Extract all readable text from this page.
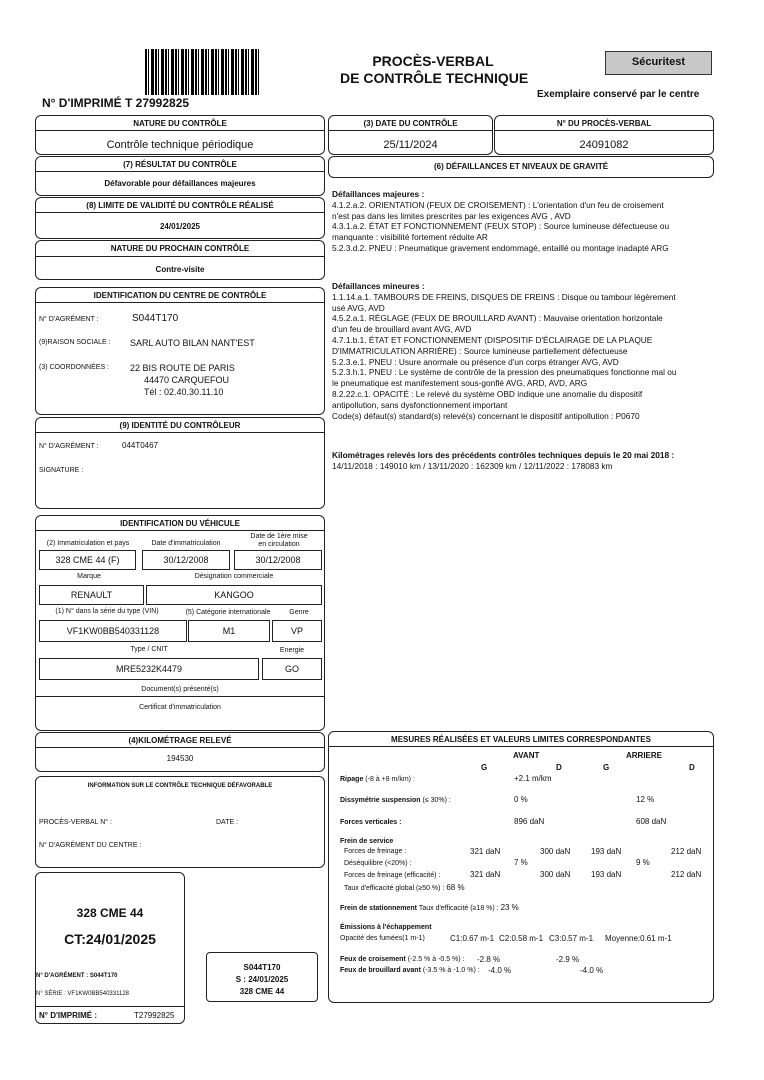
PROCÈS-VERBAL
DE CONTRÔLE TECHNIQUE
Sécuritest
Exemplaire conservé par le centre
N° D'IMPRIMÉ T 27992825
NATURE DU CONTRÔLE
Contrôle technique périodique
(3) DATE DU CONTRÔLE
25/11/2024
N° DU PROCÈS-VERBAL
24091082
(7) RÉSULTAT DU CONTRÔLE
Défavorable pour défaillances majeures
(6) DÉFAILLANCES ET NIVEAUX DE GRAVITÉ
(8) LIMITE DE VALIDITÉ DU CONTRÔLE RÉALISÉ
24/01/2025
NATURE DU PROCHAIN CONTRÔLE
Contre-visite
IDENTIFICATION DU CENTRE DE CONTRÔLE
N° D'AGRÉMENT :	S044T170
(9)RAISON SOCIALE : SARL AUTO BILAN NANT'EST
(3) COORDONNÉES : 22 BIS ROUTE DE PARIS
44470 CARQUEFOU
Tél : 02.40.30.11.10
(9) IDENTITÉ DU CONTRÔLEUR
N° D'AGRÉMENT :	044T0467
SIGNATURE :
Défaillances majeures :
4.1.2.a.2. ORIENTATION (FEUX DE CROISEMENT) : L'orientation d'un feu de croisement n'est pas dans les limites prescrites par les exigences AVG , AVD
4.3.1.a.2. ÉTAT ET FONCTIONNEMENT (FEUX STOP) : Source lumineuse défectueuse ou manquante : visibilité fortement réduite AR
5.2.3.d.2. PNEU : Pneumatique gravement endommagé, entaillé ou montage inadapté ARG
Défaillances mineures :
1.1.14.a.1. TAMBOURS DE FREINS, DISQUES DE FREINS : Disque ou tambour légèrement usé AVG, AVD
4.5.2.a.1. RÉGLAGE (FEUX DE BROUILLARD AVANT) : Mauvaise orientation horizontale d'un feu de brouillard avant AVG, AVD
4.7.1.b.1. ÉTAT ET FONCTIONNEMENT (DISPOSITIF D'ÉCLAIRAGE DE LA PLAQUE D'IMMATRICULATION ARRIÈRE) : Source lumineuse partiellement défectueuse
5.2.3.e.1. PNEU : Usure anormale ou présence d'un corps étranger AVG, AVD
5.2.3.h.1. PNEU : Le système de contrôle de la pression des pneumatiques fonctionne mal ou le pneumatique est manifestement sous-gonflé AVG, ARD, AVD, ARG
8.2.22.c.1. OPACITÉ : Le relevé du système OBD indique une anomalie du dispositif antipollution, sans dysfonctionnement important
Code(s) défaut(s) standard(s) relevé(s) concernant le dispositif antipollution : P0670
Kilométrages relevés lors des précédents contrôles techniques depuis le 20 mai 2018 : 14/11/2018 : 149010 km / 13/11/2020 : 162309 km / 12/11/2022 : 178083 km
IDENTIFICATION DU VÉHICULE
(2) Immatriculation et pays	Date d'immatriculation
Date de 1ère mise
en circulation
328 CME 44 (F)	30/12/2008	30/12/2008
Marque	Désignation commerciale
RENAULT	KANGOO
(1) N° dans la série du type (VIN)	(5) Catégorie internationale	Genre
VF1KW0BB540331128	M1	VP
Type / CNIT	Energie
MRE5232K4479	GO
Document(s) présenté(s)
Certificat d'immatriculation
(4)KILOMÉTRAGE RELEVÉ
194530
INFORMATION SUR LE CONTRÔLE TECHNIQUE DÉFAVORABLE
PROCÈS-VERBAL N° :	DATE :
N° D'AGRÉMENT DU CENTRE :
328 CME 44
CT:24/01/2025
N° D'AGRÉMENT : S044T170
N° SÉRIE : VF1KW0BB540331128
N° D'IMPRIMÉ :	T27992825
S044T170
S : 24/01/2025
328 CME 44
MESURES RÉALISÉES ET VALEURS LIMITES CORRESPONDANTES
AVANT	ARRIERE
G	D	G	D
Ripage (-8 à +8 m/km) :	+2.1 m/km
Dissymétrie suspension (≤ 30%) :	0 %	12 %
Forces verticales :	896 daN	608 daN
Frein de service
Forces de freinage :	321 daN	300 daN	193 daN	212 daN
Déséquilibre (<20%) :	7 %	9 %
Forces de freinage (efficacité) :	321 daN	300 daN	193 daN	212 daN
Taux d'efficacité global (≥50 %) : 68 %
Frein de stationnement Taux d'efficacité (≥18 %) : 23 %
Émissions à l'échappement
Opacité des fumées(1 m-1)	C1:0.67 m-1 C2:0.58 m-1 C3:0.57 m-1 Moyenne:0.61 m-1
Feux de croisement (-2.5 % à -0.5 %) : -2.8 %	-2.9 %
Feux de brouillard avant (-3.5 % à -1.0 %) : -4.0 %	-4.0 %
